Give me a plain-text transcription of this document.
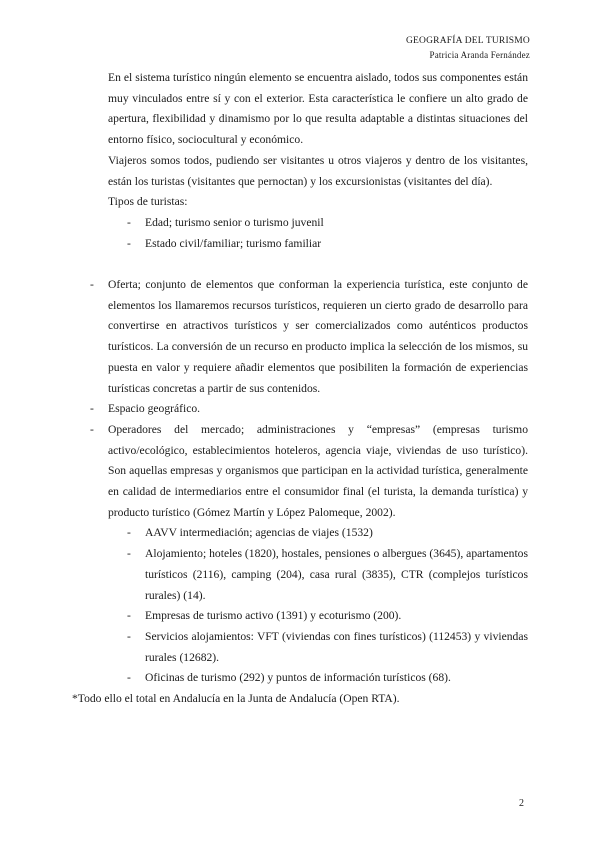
GEOGRAFÍA DEL TURISMO
Patricia Aranda Fernández
En el sistema turístico ningún elemento se encuentra aislado, todos sus componentes están muy vinculados entre sí y con el exterior. Esta característica le confiere un alto grado de apertura, flexibilidad y dinamismo por lo que resulta adaptable a distintas situaciones del entorno físico, sociocultural y económico.
Viajeros somos todos, pudiendo ser visitantes u otros viajeros y dentro de los visitantes, están los turistas (visitantes que pernoctan) y los excursionistas (visitantes del día).
Tipos de turistas:
- Edad; turismo senior o turismo juvenil
- Estado civil/familiar; turismo familiar
- Oferta; conjunto de elementos que conforman la experiencia turística, este conjunto de elementos los llamaremos recursos turísticos, requieren un cierto grado de desarrollo para convertirse en atractivos turísticos y ser comercializados como auténticos productos turísticos. La conversión de un recurso en producto implica la selección de los mismos, su puesta en valor y requiere añadir elementos que posibiliten la formación de experiencias turísticas concretas a partir de sus contenidos.
- Espacio geográfico.
- Operadores del mercado; administraciones y “empresas” (empresas turismo activo/ecológico, establecimientos hoteleros, agencia viaje, viviendas de uso turístico). Son aquellas empresas y organismos que participan en la actividad turística, generalmente en calidad de intermediarios entre el consumidor final (el turista, la demanda turística) y producto turístico (Gómez Martín y López Palomeque, 2002).
- AAVV intermediación; agencias de viajes (1532)
- Alojamiento; hoteles (1820), hostales, pensiones o albergues (3645), apartamentos turísticos (2116), camping (204), casa rural (3835), CTR (complejos turísticos rurales) (14).
- Empresas de turismo activo (1391) y ecoturismo (200).
- Servicios alojamientos: VFT (viviendas con fines turísticos) (112453) y viviendas rurales (12682).
- Oficinas de turismo (292) y puntos de información turísticos (68).
*Todo ello el total en Andalucía en la Junta de Andalucía (Open RTA).
2
